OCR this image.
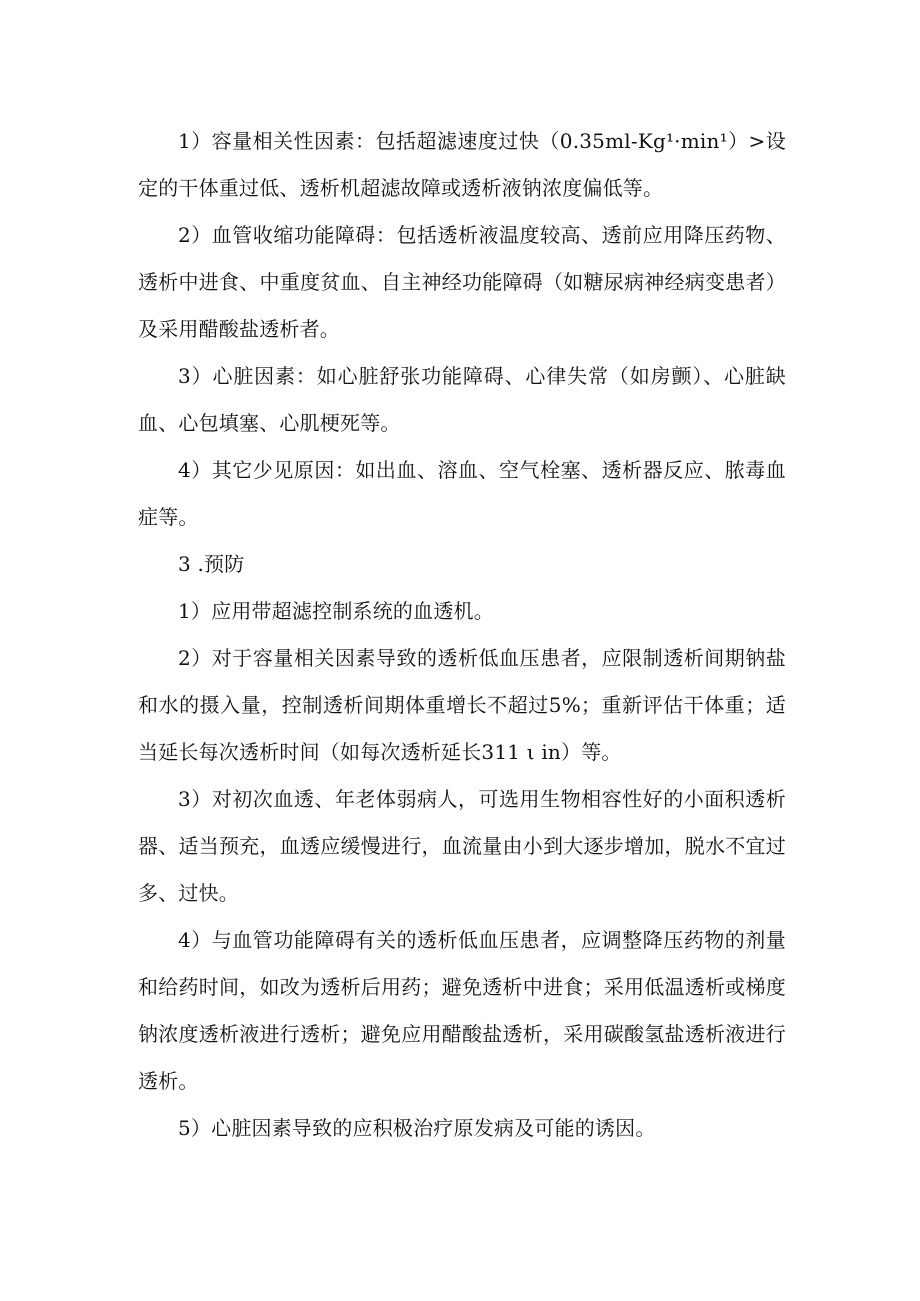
1）容量相关性因素：包括超滤速度过快（0.35ml-Kg¹·min¹）>设定的干体重过低、透析机超滤故障或透析液钠浓度偏低等。

2）血管收缩功能障碍：包括透析液温度较高、透前应用降压药物、透析中进食、中重度贫血、自主神经功能障碍（如糖尿病神经病变患者）及采用醋酸盐透析者。

3）心脏因素：如心脏舒张功能障碍、心律失常（如房颤）、心脏缺血、心包填塞、心肌梗死等。

4）其它少见原因：如出血、溶血、空气栓塞、透析器反应、脓毒血症等。

3 .预防

1）应用带超滤控制系统的血透机。

2）对于容量相关因素导致的透析低血压患者，应限制透析间期钠盐和水的摄入量，控制透析间期体重增长不超过5%；重新评估干体重；适当延长每次透析时间（如每次透析延长311 ι in）等。

3）对初次血透、年老体弱病人，可选用生物相容性好的小面积透析器、适当预充，血透应缓慢进行，血流量由小到大逐步增加，脱水不宜过多、过快。

4）与血管功能障碍有关的透析低血压患者，应调整降压药物的剂量和给药时间，如改为透析后用药；避免透析中进食；采用低温透析或梯度钠浓度透析液进行透析；避免应用醋酸盐透析，采用碳酸氢盐透析液进行透析。

5）心脏因素导致的应积极治疗原发病及可能的诱因。
